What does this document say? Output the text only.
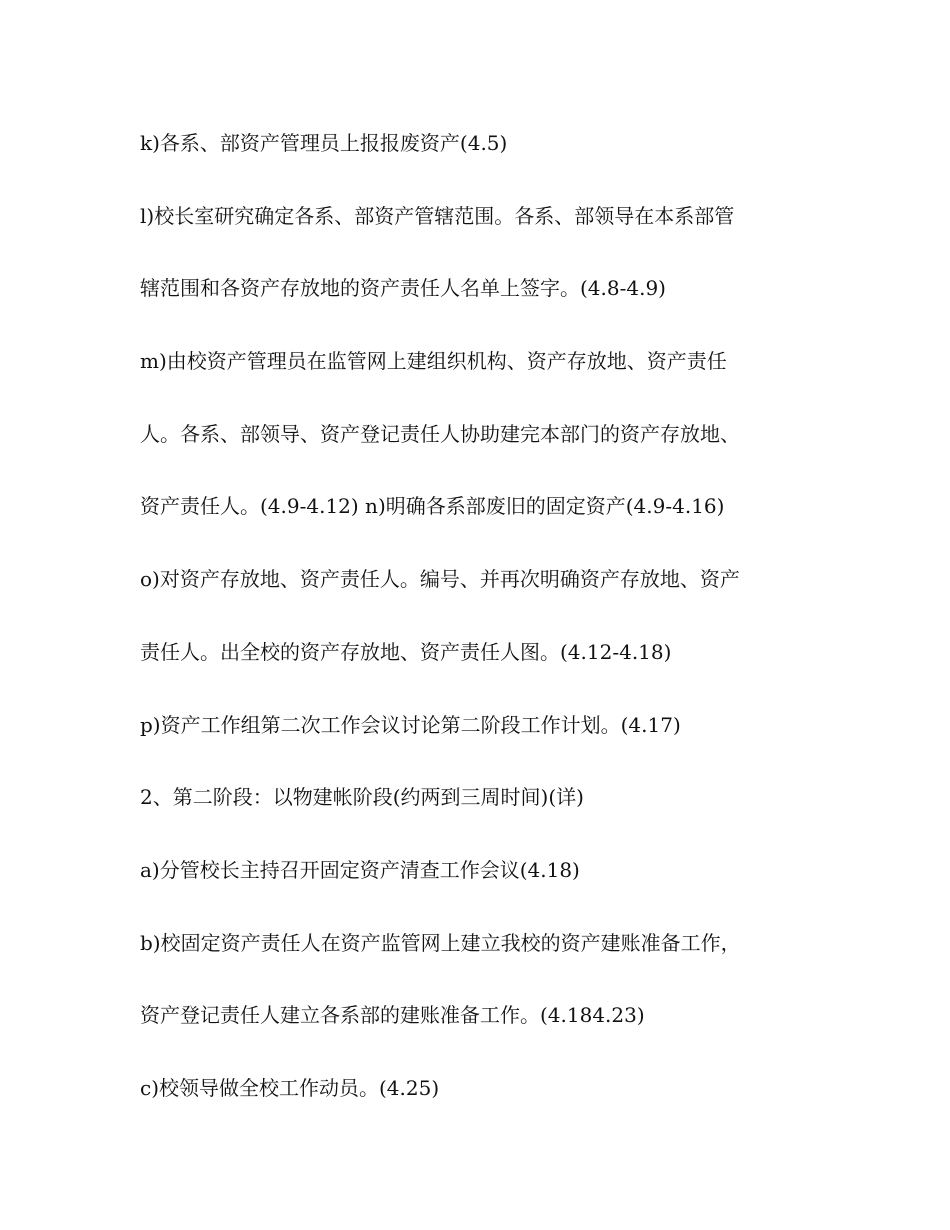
k)各系、部资产管理员上报报废资产(4.5)
l)校长室研究确定各系、部资产管辖范围。各系、部领导在本系部管
辖范围和各资产存放地的资产责任人名单上签字。(4.8-4.9)
m)由校资产管理员在监管网上建组织机构、资产存放地、资产责任
人。各系、部领导、资产登记责任人协助建完本部门的资产存放地、
资产责任人。(4.9-4.12) n)明确各系部废旧的固定资产(4.9-4.16)
o)对资产存放地、资产责任人。编号、并再次明确资产存放地、资产
责任人。出全校的资产存放地、资产责任人图。(4.12-4.18)
p)资产工作组第二次工作会议讨论第二阶段工作计划。(4.17)
2、第二阶段：以物建帐阶段(约两到三周时间)(详)
a)分管校长主持召开固定资产清查工作会议(4.18)
b)校固定资产责任人在资产监管网上建立我校的资产建账准备工作，
资产登记责任人建立各系部的建账准备工作。(4.184.23)
c)校领导做全校工作动员。(4.25)
